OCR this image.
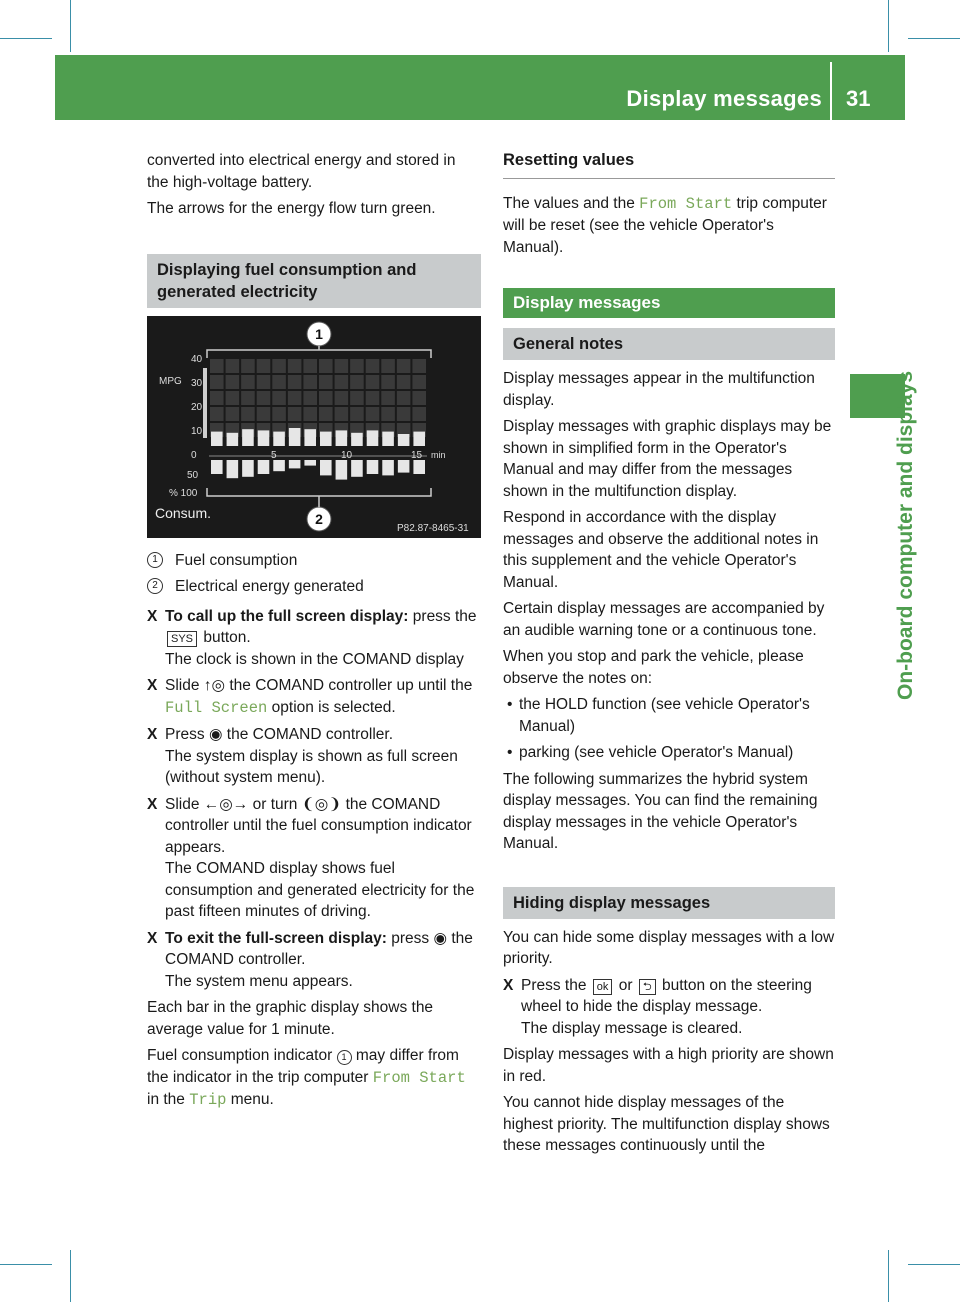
Display messages 31
On-board computer and displays

converted into electrical energy and stored in the high-voltage battery.

The arrows for the energy flow turn green.

Displaying fuel consumption and generated electricity
1
2
MPG
% 100
min
Consum.
P82.87-8465-31
40
30
20
10
0	5	10	15
50

1	Fuel consumption

2	Electrical energy generated

X To call up the full screen display: press the SYS button.
The clock is shown in the COMAND display
X Slide ↑◎ the COMAND controller up until the Full Screen option is selected.
X Press ◉ the COMAND controller.
The system display is shown as full screen (without system menu).
X Slide ←◎→ or turn ❨◎❩ the COMAND controller until the fuel consumption indicator appears.
The COMAND display shows fuel consumption and generated electricity for the past fifteen minutes of driving.
X To exit the full-screen display: press ◉ the COMAND controller.
The system menu appears.

Each bar in the graphic display shows the average value for 1 minute.

Fuel consumption indicator 1 may differ from the indicator in the trip computer From Start in the Trip menu.

Resetting values

The values and the From Start trip computer will be reset (see the vehicle Operator's Manual).

Display messages
General notes

Display messages appear in the multifunction display.

Display messages with graphic displays may be shown in simplified form in the Operator's Manual and may differ from the messages shown in the multifunction display.

Respond in accordance with the display messages and observe the additional notes in this supplement and the vehicle Operator's Manual.

Certain display messages are accompanied by an audible warning tone or a continuous tone.

When you stop and park the vehicle, please observe the notes on:

• the HOLD function (see vehicle Operator's Manual)
• parking (see vehicle Operator's Manual)

The following summarizes the hybrid system display messages. You can find the remaining display messages in the vehicle Operator's Manual.

Hiding display messages

You can hide some display messages with a low priority.

X Press the ok or ⮌ button on the steering wheel to hide the display message.
The display message is cleared.

Display messages with a high priority are shown in red.

You cannot hide display messages of the highest priority. The multifunction display shows these messages continuously until the
